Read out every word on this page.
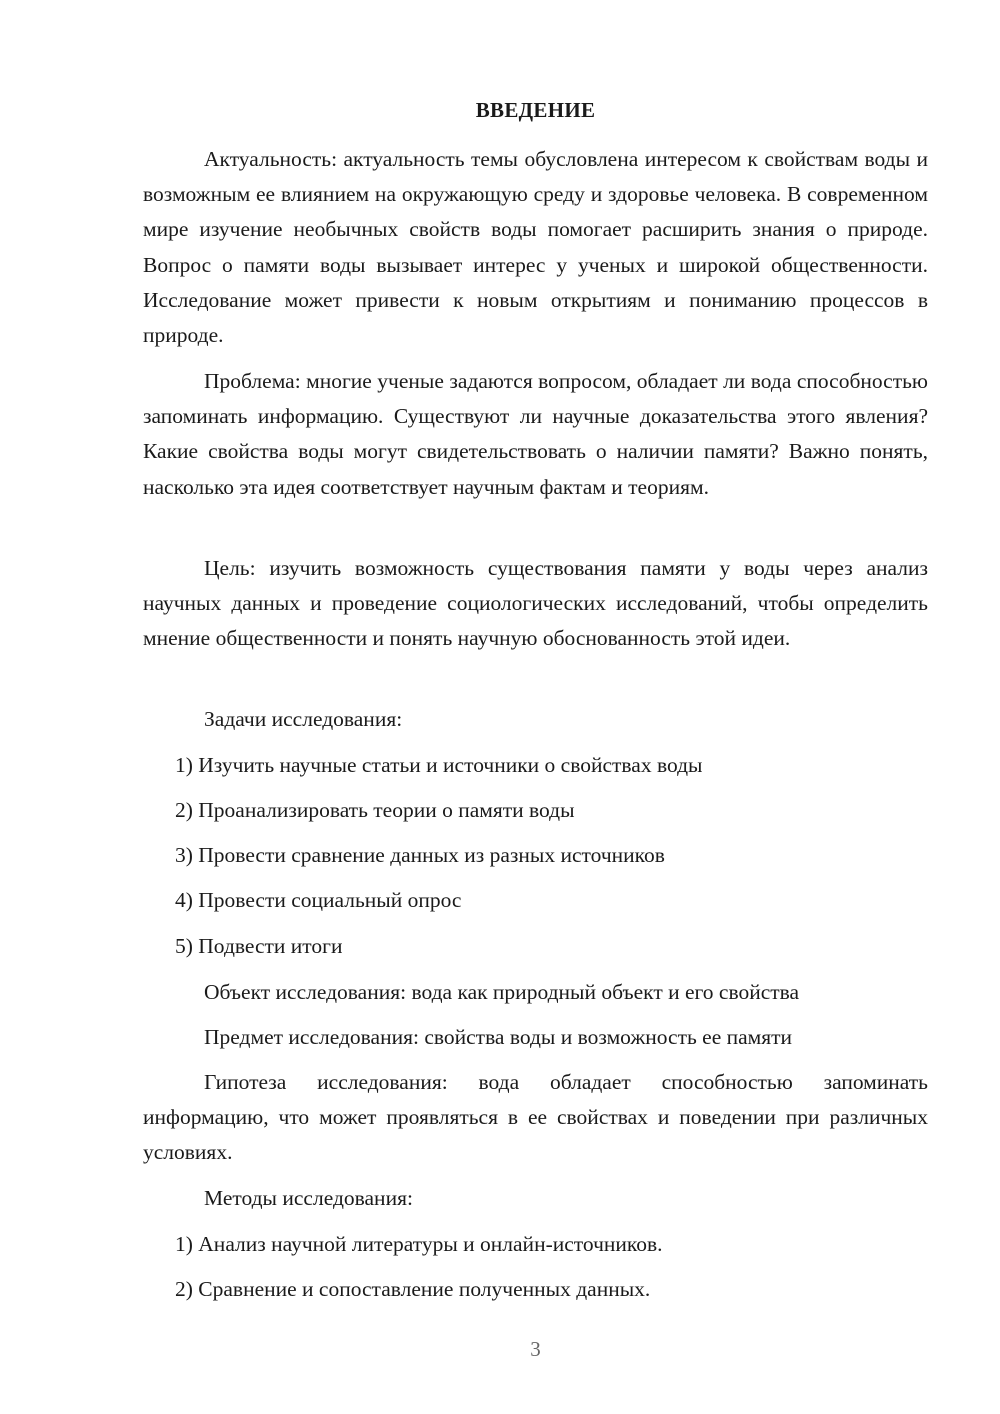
ВВЕДЕНИЕ
Актуальность: актуальность темы обусловлена интересом к свойствам воды и возможным ее влиянием на окружающую среду и здоровье человека. В современном мире изучение необычных свойств воды помогает расширить знания о природе. Вопрос о памяти воды вызывает интерес у ученых и широкой общественности. Исследование может привести к новым открытиям и пониманию процессов в природе.
Проблема: многие ученые задаются вопросом, обладает ли вода способностью запоминать информацию. Существуют ли научные доказательства этого явления? Какие свойства воды могут свидетельствовать о наличии памяти? Важно понять, насколько эта идея соответствует научным фактам и теориям.
Цель: изучить возможность существования памяти у воды через анализ научных данных и проведение социологических исследований, чтобы определить мнение общественности и понять научную обоснованность этой идеи.
Задачи исследования:
1) Изучить научные статьи и источники о свойствах воды
2) Проанализировать теории о памяти воды
3) Провести сравнение данных из разных источников
4) Провести социальный опрос
5) Подвести итоги
Объект исследования: вода как природный объект и его свойства
Предмет исследования: свойства воды и возможность ее памяти
Гипотеза исследования: вода обладает способностью запоминать информацию, что может проявляться в ее свойствах и поведении при различных условиях.
Методы исследования:
1) Анализ научной литературы и онлайн-источников.
2) Сравнение и сопоставление полученных данных.
3
